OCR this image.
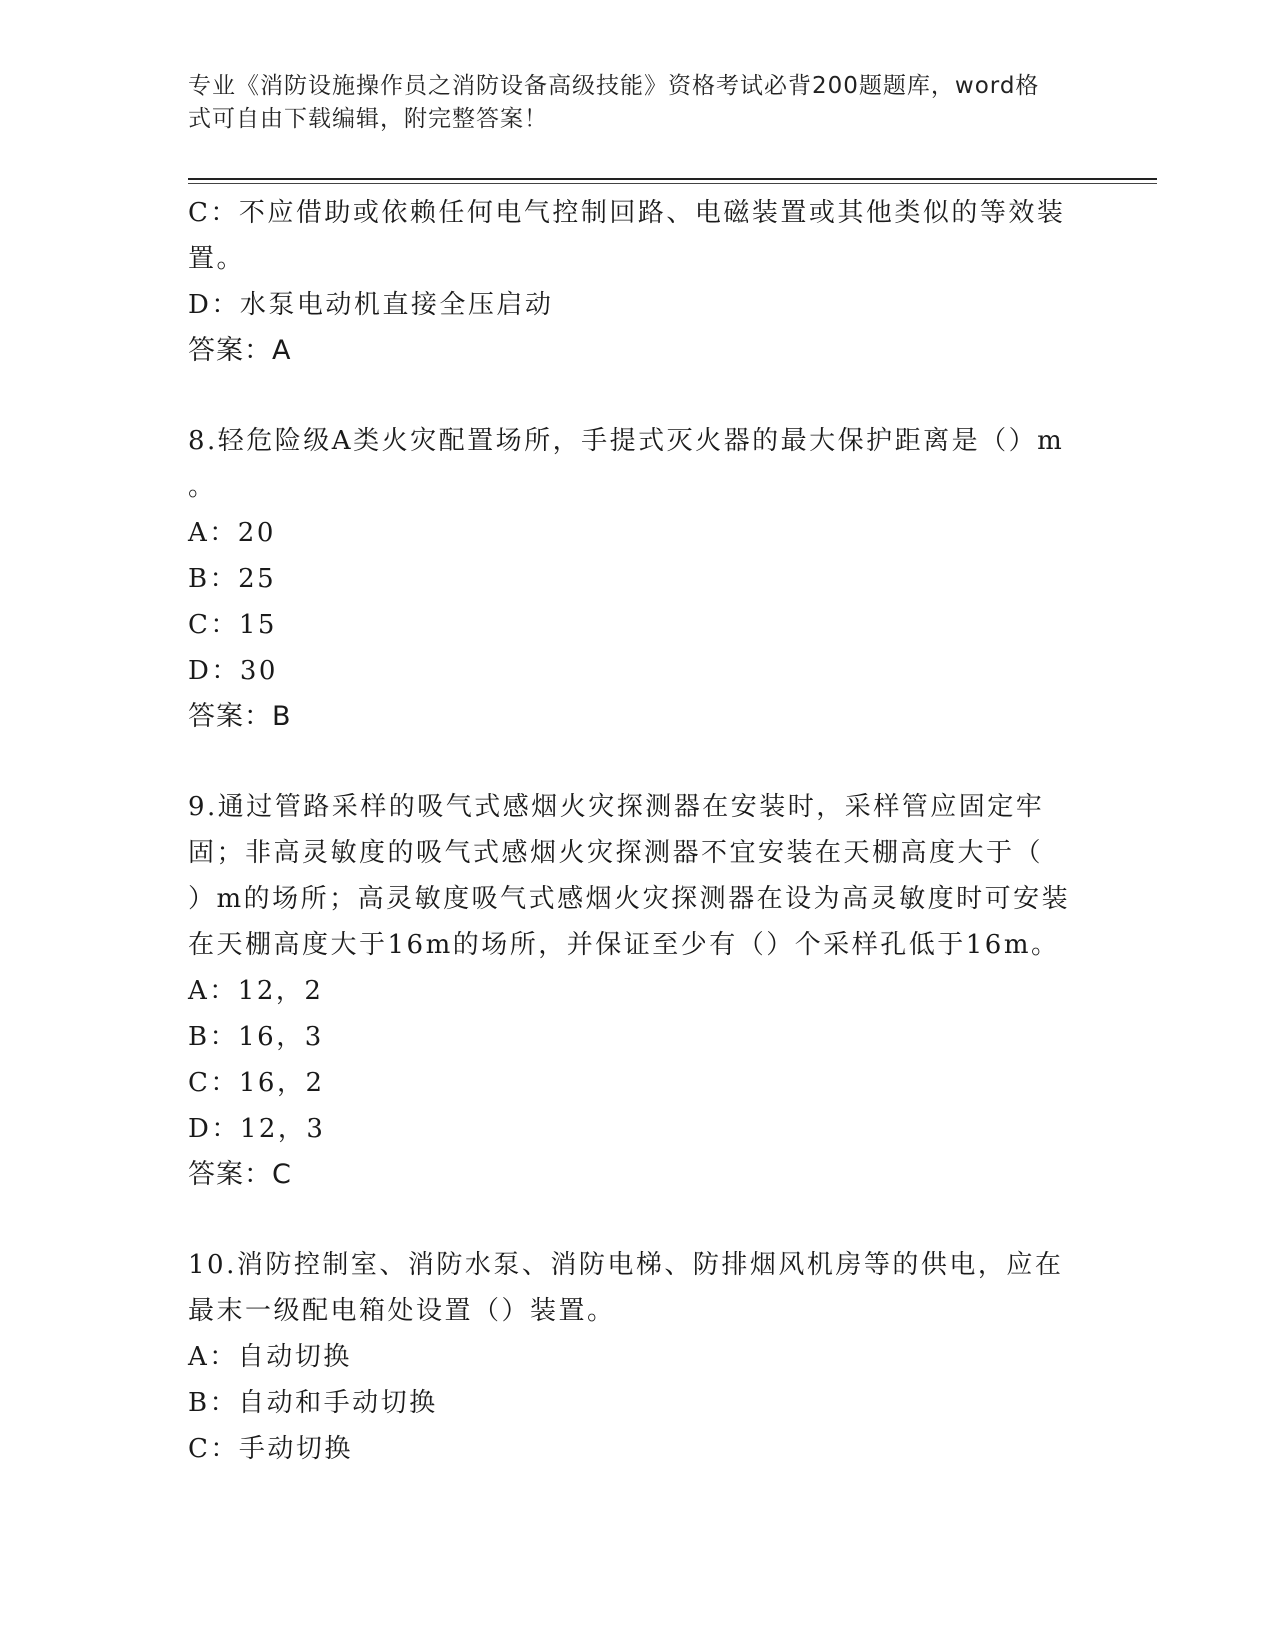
专业《消防设施操作员之消防设备高级技能》资格考试必背200题题库，word格
式可自由下载编辑，附完整答案！
C：不应借助或依赖任何电气控制回路、电磁装置或其他类似的等效装
置。
D：水泵电动机直接全压启动
答案：A
8.轻危险级A类火灾配置场所，手提式灭火器的最大保护距离是（）m
。
A：20
B：25
C：15
D：30
答案：B
9.通过管路采样的吸气式感烟火灾探测器在安装时，采样管应固定牢
固；非高灵敏度的吸气式感烟火灾探测器不宜安装在天棚高度大于（
）m的场所；高灵敏度吸气式感烟火灾探测器在设为高灵敏度时可安装
在天棚高度大于16m的场所，并保证至少有（）个采样孔低于16m。
A：12，2
B：16，3
C：16，2
D：12，3
答案：C
10.消防控制室、消防水泵、消防电梯、防排烟风机房等的供电，应在
最末一级配电箱处设置（）装置。
A：自动切换
B：自动和手动切换
C：手动切换
